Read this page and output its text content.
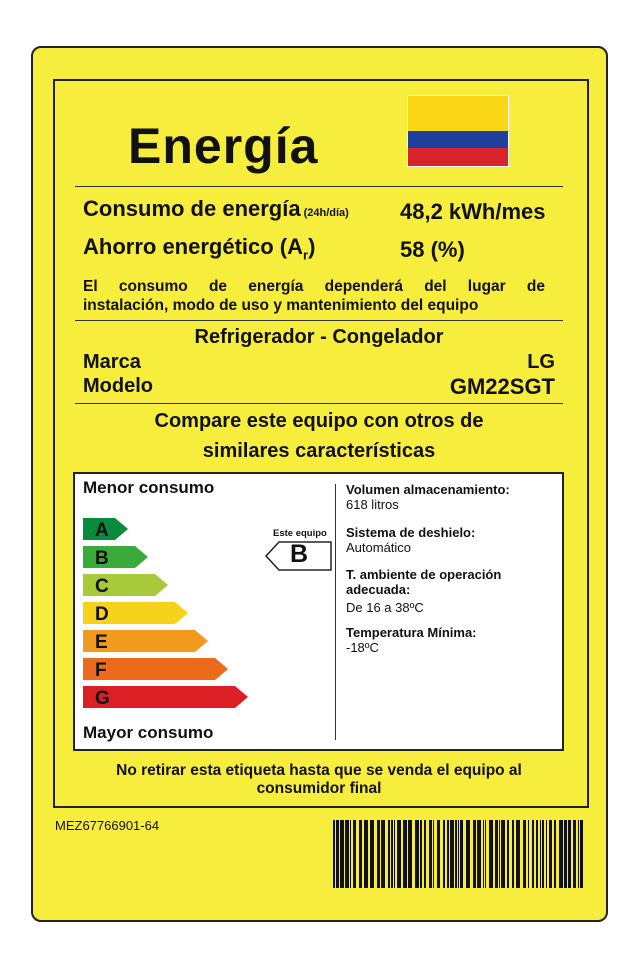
Energía
Consumo de energía (24h/día) 48,2 kWh/mes
Ahorro energético $(A_r)$	58 (%)
El consumo de energía dependerá del lugar de
instalación, modo de uso y mantenimiento del equipo
Refrigerador - Congelador
Marca	LG
Modelo	GM22SGT
Compare este equipo con otros de
similares características
Menor consumo
Mayor consumo
A
B
C
D
E
F
G
Este equipo
B
Volumen almacenamiento:
618 litros
Sistema de deshielo:
Automático
T. ambiente de operación
adecuada:
De 16 a 38ºC
Temperatura Mínima:
-18ºC
No retirar esta etiqueta hasta que se venda el equipo al
consumidor final
MEZ67766901-64
